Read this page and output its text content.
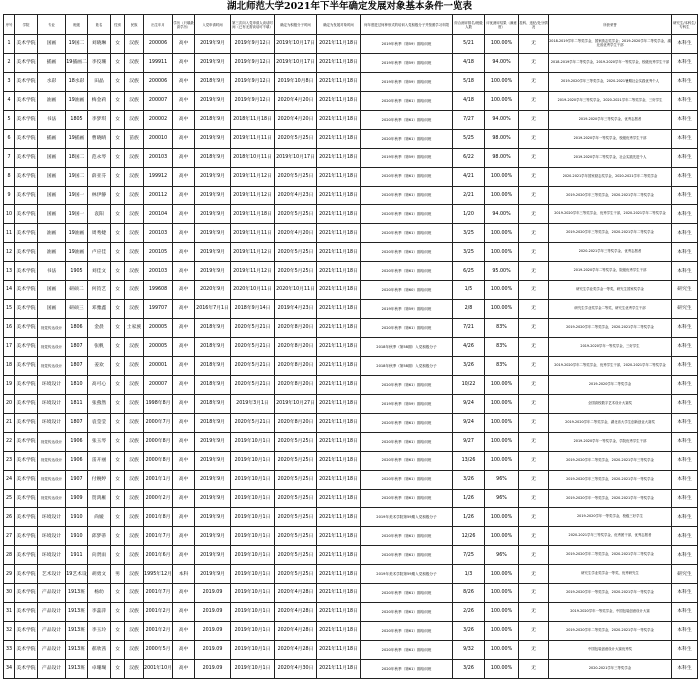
湖北师范大学2021年下半年确定发展对象基本条件一览表
序号	学院	专业	班级	姓名	性别	民族	出生年月	学历（只填最高学历）	入党申请时间	第三次向入党申请人谈话时间（已有无需谈话可不填）	确定为积极分子时间	确定为发展对象时间	何年度进过何种形式的培训入党积极分子并按照学习年限	综合测评排名/班级人数	评优测评结果（满意度）	挂科、违纪/处分情况	所获荣誉	研究生/本科生/专科生
1	美术学院	国画	19国二	刘晓琳	女	汉族	200006	高中	2019年9月	2019年9月12日	2019年10月17日	2021年11月18日	2019年秋季（第59）期培训班	5/21	100.00%	无	2018-2019学年二等奖学金，国家励志奖学金；2019-2020学年二等奖学金，湖北省优秀学生干部	本科生
2	美术学院	插画	19插画二	李佼珊	女	汉族	199911	高中	2019年9月	2019年9月12日	2019年10月17日	2021年11月18日	2019年秋季（第59）期培训班	4/18	94.00%	无	2018-2019学年二等奖学金，2019-2020学年一等奖学金，校级优秀学生干部	本科生
3	美术学院	水彩	18水彩	田晶	女	汉族	200006	高中	2018年9月	2019年9月12日	2019年10月8日	2021年11月18日	2019年秋季（第59）期培训班	5/18	100.00%	无	2019-2020学年三等奖学金，2020-2021暑期社会实践优秀个人	本科生
4	美术学院	油画	19油画	梅金莉	女	汉族	200007	高中	2019年9月	2019年9月12日	2020年4月20日	2021年11月18日	2020年秋季（第61）期培训班	4/18	100.00%	无	2019-2020学年三等奖学金，2020-2021学年二等奖学金，三好学生	本科生
5	美术学院	书法	1805	李梦琪	女	汉族	200002	高中	2018年9月	2018年11月18日	2020年4月20日	2021年11月18日	2020年秋季（第61）期培训班	7/27	94.00%	无	2019-2020学年三等奖学金，优秀志愿者	本科生
6	美术学院	插画	19插画	曹晓晴	女	苗族	200010	高中	2019年9月	2019年11月11日	2020年5月25日	2021年11月18日	2020年秋季（第61）期培训班	5/25	98.00%	无	2019-2020学年一等奖学金，校级优秀学生干部	本科生
7	美术学院	国画	18国二	范永琴	女	汉族	200103	高中	2018年9月	2018年10月11日	2019年10月17日	2021年11月18日	2019年秋季（第59）期培训班	6/22	98.00%	无	2019-2020学年二等奖学金，社会实践先进个人	本科生
8	美术学院	国画	19国二	薛亚芬	女	汉族	199912	高中	2019年9月	2019年11月12日	2020年5月25日	2021年11月18日	2020年秋季（第61）期培训班	4/21	100.00%	无	2020-2021学年国家励志奖学金，2020-2021学年二等奖学金	本科生
9	美术学院	国画	19国一	林伊静	女	汉族	200112	高中	2019年9月	2019年11月12日	2020年4月23日	2021年11月18日	2020年秋季（第61）期培训班	2/21	100.00%	无	2019-2020学年三等奖学金，2020-2021学年二等奖学金	本科生
10	美术学院	国画	19国一	袁阳	女	汉族	200104	高中	2019年9月	2019年11月18日	2020年5月25日	2021年11月18日	2020年秋季（第61）期培训班	1/20	94.00%	无	2019-2020学年三等奖学金，优秀学生干部，2020-2021学年二等奖学金	本科生
11	美术学院	油画	19油画	周秀婕	女	汉族	200103	高中	2019年9月	2019年11月11日	2020年4月20日	2021年11月18日	2020年秋季（第61）期培训班	3/25	100.00%	无	2019-2020学年三等奖学金，2020-2021学年二等奖学金	本科生
12	美术学院	油画	19油画	卢应佳	女	汉族	200105	高中	2019年9月	2019年11月12日	2020年5月25日	2021年11月18日	2020年秋季（第61）期培训班	3/25	100.00%	无	2020-2021学年三等奖学金，优秀志愿者	本科生
13	美术学院	书法	1905	刘佳文	女	汉族	200103	高中	2019年9月	2019年11月12日	2020年5月25日	2021年11月18日	2020年秋季（第61）期培训班	6/25	95.00%	无	2019-2020学年二等奖学金，院级优秀学生干部	本科生
14	美术学院	国画	研硕二	何钧艺	女	汉族	199608	高中	2020年9月	2020年10月11日	2020年10月11日	2021年11月18日	2020年秋季（第60）期培训班	1/5	100.00%	无	研究生学业奖学金一等奖，研究生国家奖学金	研究生
15	美术学院	国画	研硕三	邓雅鑫	女	汉族	199707	高中	2016年7月1日	2018年9月14日	2019年4月23日	2021年11月18日	2019年秋季（第59）期培训班	2/8	100.00%	无	研究生学业奖学金二等奖，研究生优秀学生干部	研究生
16	美术学院	视觉传达设计	1806	金晨	女	土家族	200005	高中	2018年9月	2020年5月21日	2020年8月20日	2021年11月18日	2020年秋季（第61）期培训班	7/21	83%	无	2019-2020学年二等奖学金，2020-2021学年二等奖学金	本科生
17	美术学院	视觉传达设计	1807	张帆	女	汉族	200005	高中	2018年9月	2020年5月21日	2020年8月20日	2021年11月18日	2018年秋季（第58期）入党积极分子	4/26	83%	无	2019-2020学年一等奖学金，三好学生	本科生
18	美术学院	视觉传达设计	1807	姜欢	女	汉族	200001	高中	2018年9月	2020年5月21日	2020年8月20日	2021年11月18日	2018年秋季（第58期）入党积极分子	3/26	83%	无	2019-2020学年二等奖学金，优秀学生干部，2020-2021学年二等奖学金	本科生
19	美术学院	环境设计	1810	高可心	女	汉族	200007	高中	2018年9月	2020年5月21日	2020年8月20日	2021年11月18日	2020年秋季（第61）期培训班	10/22	100.00%	无	2019-2020学年二等奖学金	本科生
20	美术学院	环境设计	1811	张燕然	女	汉族	1998年8月	高中	2018年9月	2019年3月1日	2019年10月27日	2021年11月18日	2019年秋季（第59）期培训班	9/24	100.00%	无	全国高校数字艺术设计大赛奖	本科生
21	美术学院	环境设计	1807	袁莹莹	女	汉族	2000年7月	高中	2018年9月	2020年5月21日	2020年8月20日	2021年11月18日	2020年秋季（第61）期培训班	9/24	100.00%	无	2019-2020学年二等奖学金，湖北省大学生创新创业大赛奖	本科生
22	美术学院	视觉传达设计	1906	张玉琴	女	汉族	2000年8月	高中	2019年9月	2019年10月1日	2020年5月25日	2021年11月18日	2020年秋季（第61）期培训班	9/27	100.00%	无	2019-2020学年一等奖学金，学院优秀学生干部	本科生
23	美术学院	视觉传达设计	1906	雷开丽	女	汉族	2000年8月	高中	2019年9月	2019年10月1日	2020年5月25日	2021年11月18日	2020年秋季（第61）期培训班	13/26	100.00%	无	2019-2020学年二等奖学金，2020-2021学年三等奖学金	本科生
24	美术学院	视觉传达设计	1907	付婉婷	女	汉族	2001年1月	高中	2019年9月	2019年10月1日	2020年5月25日	2021年11月18日	2020年秋季（第61）期培训班	3/26	96%	无	2019-2020学年三等奖学金，2020-2021学年一等奖学金	本科生
25	美术学院	视觉传达设计	1909	贺鸿雁	女	汉族	2000年2月	高中	2019年9月	2019年10月1日	2020年5月25日	2021年11月18日	2020年秋季（第61）期培训班	1/26	96%	无	2019-2020学年一等奖学金，2020-2021学年一等奖学金	本科生
26	美术学院	环境设计	1910	尚媛	女	汉族	2001年8月	高中	2019年9月	2019年10月1日	2020年5月25日	2021年11月18日	2019年美术学院第59期入党积极分子	1/26	100.00%	无	2019-2020学年一等奖学金，校级三好学生	本科生
27	美术学院	环境设计	1910	邱梦蒂	女	汉族	2001年7月	高中	2019年9月	2019年10月1日	2020年5月25日	2021年11月18日	2020年秋季（第61）期培训班	12/26	100.00%	无	2020-2021学年三等奖学金，优秀团干部，优秀志愿者	本科生
28	美术学院	环境设计	1911	向贤雨	女	汉族	2001年6月	高中	2019年9月	2019年10月1日	2020年5月25日	2021年11月18日	2020年秋季（第61）期培训班	7/25	96%	无	2019-2020学年二等奖学金，2020-2021学年二等奖学金	本科生
29	美术学院	艺术设计	19艺术设	胡勇文	男	汉族	1995年12月	本科	2019年9月	2019年10月1日	2020年5月25日	2021年11月18日	2019年美术学院第59期入党积极分子	1/3	100.00%	无	研究生学业奖学金一等奖，优秀研究生	研究生
30	美术学院	产品设计	1913班	杨幼	女	汉族	2001年7月	高中	2019.09	2019年10月1日	2020年4月28日	2021年11月18日	2020年秋季（第61）期培训班	8/26	100.00%	无	2019-2020学年一等奖学金，2020-2021学年一等奖学金	本科生
31	美术学院	产品设计	1913班	李蕊萍	女	汉族	2001年2月	高中	2019.09	2019年10月1日	2020年4月28日	2021年11月18日	2020年秋季（第61）期培训班	2/26	100.00%	无	2019-2020学年一等奖学金，中国包装创意设计大赛	本科生
32	美术学院	产品设计	1913班	李玉玲	女	汉族	2001年2月	高中	2019.09	2019年10月1日	2020年4月28日	2021年11月18日	2020年秋季（第61）期培训班	3/26	100.00%	无	2019-2020学年二等奖学金，2020-2021学年一等奖学金	本科生
33	美术学院	产品设计	1913班	郝欣茜	女	汉族	2000年5月	高中	2019.09	2019年10月1日	2020年4月28日	2021年11月18日	2020年秋季（第61）期培训班	9/32	100.00%	无	中国包装创意设计大赛优秀奖	本科生
34	美术学院	产品设计	1913班	卓珊瑚	女	汉族	2001年10月	高中	2019.09	2019年10月1日	2020年4月30日	2021年11月18日	2020年秋季（第61）期培训班	3/26	100.00%	无	2020-2021学年三等奖学金	本科生
